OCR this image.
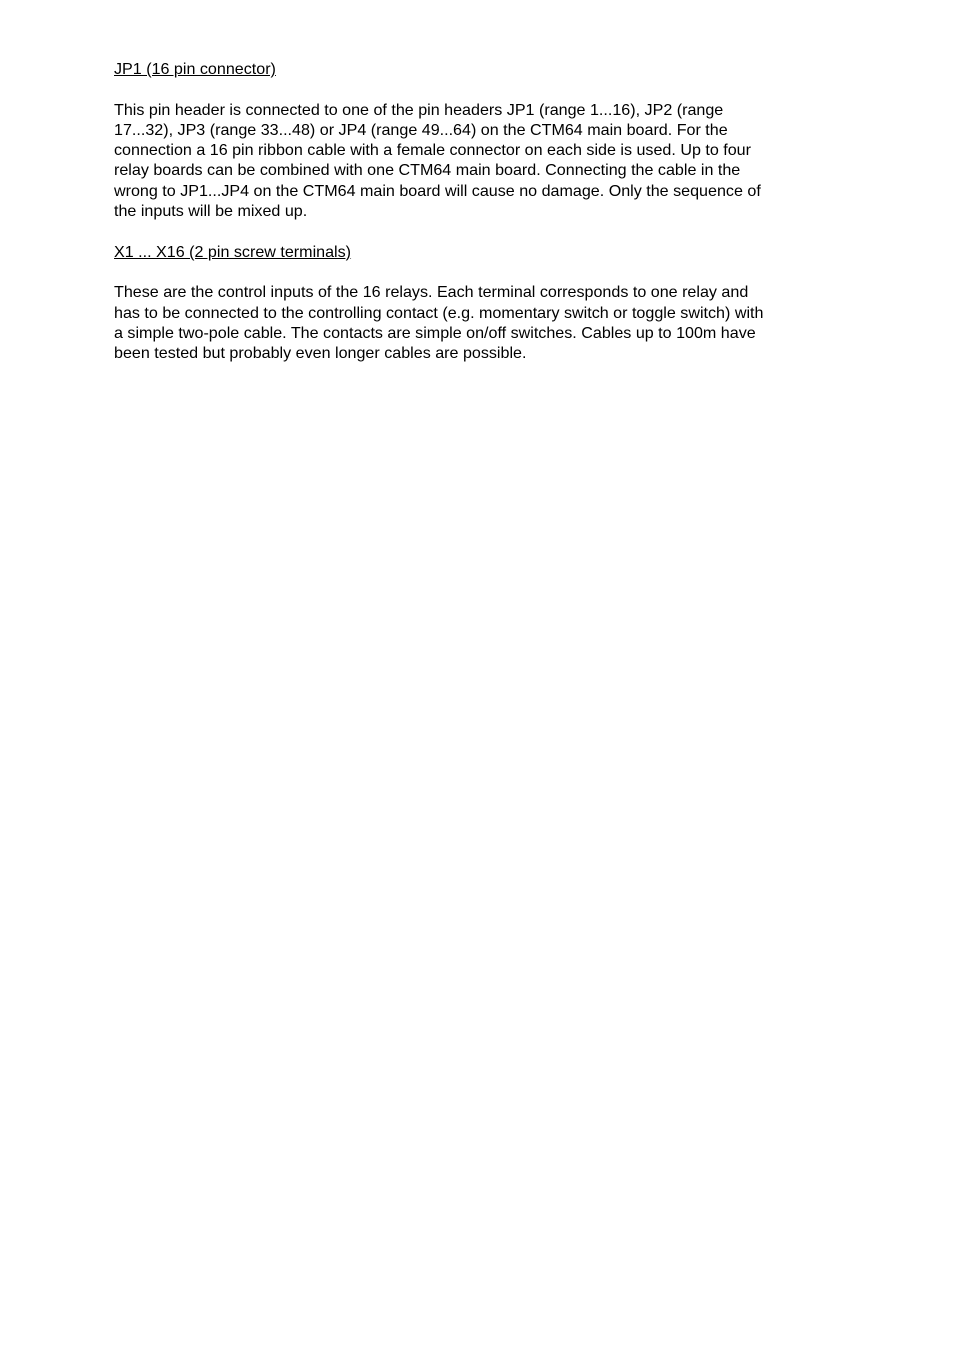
JP1 (16 pin connector)

This pin header is connected to one of the pin headers JP1 (range 1...16), JP2 (range
17...32), JP3 (range 33...48) or JP4 (range 49...64) on the CTM64 main board. For the
connection a 16 pin ribbon cable with a female connector on each side is used. Up to four
relay boards can be combined with one CTM64 main board. Connecting the cable in the
wrong to JP1...JP4 on the CTM64 main board will cause no damage. Only the sequence of
the inputs will be mixed up.

X1 ... X16 (2 pin screw terminals)

These are the control inputs of the 16 relays. Each terminal corresponds to one relay and
has to be connected to the controlling contact (e.g. momentary switch or toggle switch) with
a simple two-pole cable. The contacts are simple on/off switches. Cables up to 100m have
been tested but probably even longer cables are possible.
